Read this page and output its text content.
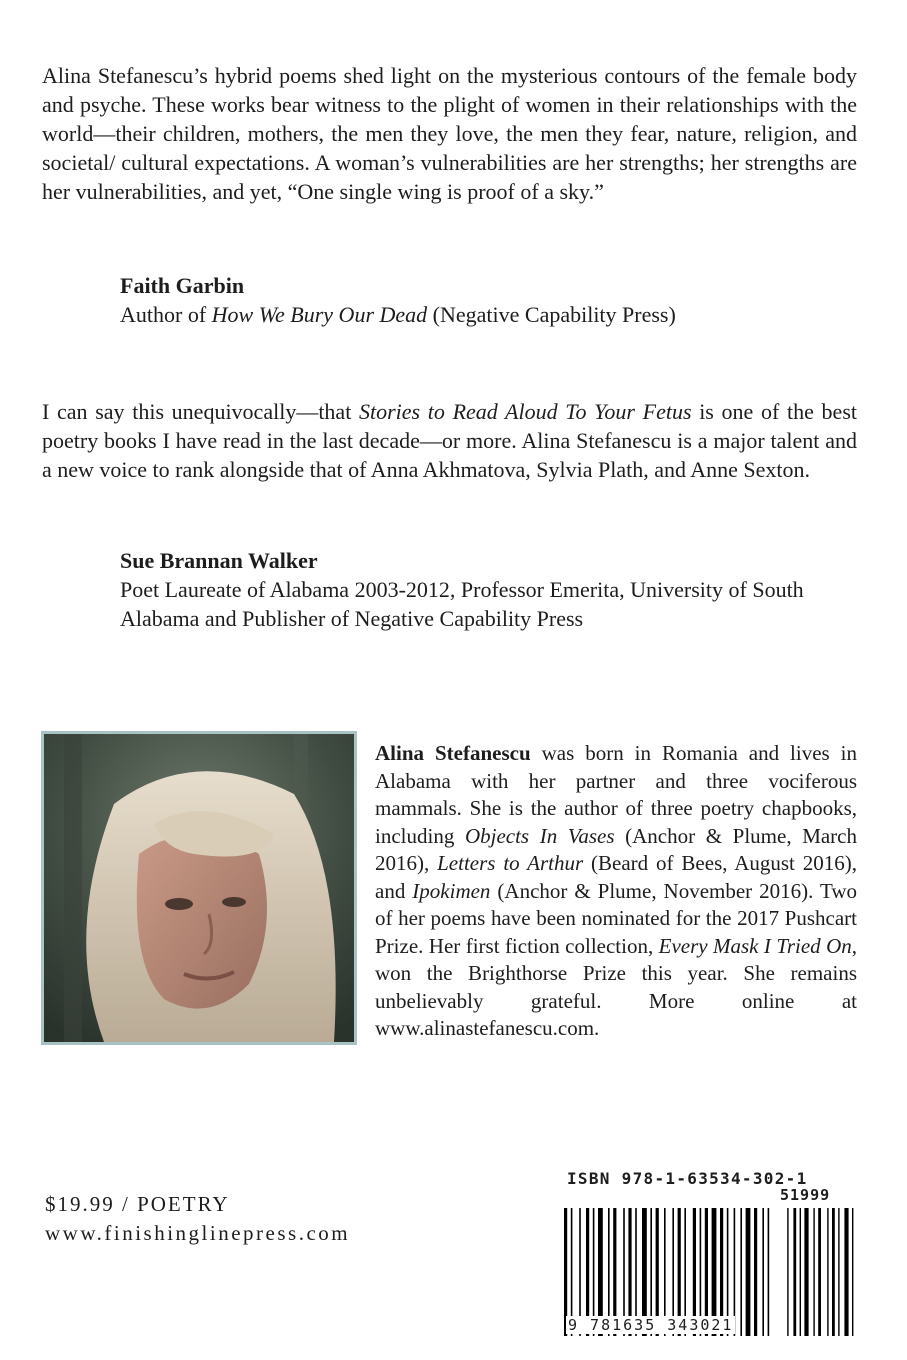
Alina Stefanescu’s hybrid poems shed light on the mysterious contours of the female body and psyche. These works bear witness to the plight of women in their relationships with the world—their children, mothers, the men they love, the men they fear, nature, religion, and societal/ cultural expectations. A woman’s vulnerabilities are her strengths; her strengths are her vulnerabilities, and yet, “One single wing is proof of a sky.”
Faith Garbin
Author of How We Bury Our Dead (Negative Capability Press)
I can say this unequivocally—that Stories to Read Aloud To Your Fetus is one of the best poetry books I have read in the last decade—or more. Alina Stefanescu is a major talent and a new voice to rank alongside that of Anna Akhmatova, Sylvia Plath, and Anne Sexton.
Sue Brannan Walker
Poet Laureate of Alabama 2003-2012, Professor Emerita, University of South Alabama and Publisher of Negative Capability Press
Alina Stefanescu was born in Romania and lives in Alabama with her partner and three vociferous mammals. She is the author of three poetry chapbooks, including Objects In Vases (Anchor & Plume, March 2016), Letters to Arthur (Beard of Bees, August 2016), and Ipokimen (Anchor & Plume, November 2016). Two of her poems have been nominated for the 2017 Pushcart Prize. Her first fiction collection, Every Mask I Tried On, won the Brighthorse Prize this year. She remains unbelievably grateful. More online at www.alinastefanescu.com.
$19.99 / POETRY
www.finishinglinepress.com
ISBN 978-1-63534-302-1
51999
9 781635 343021
